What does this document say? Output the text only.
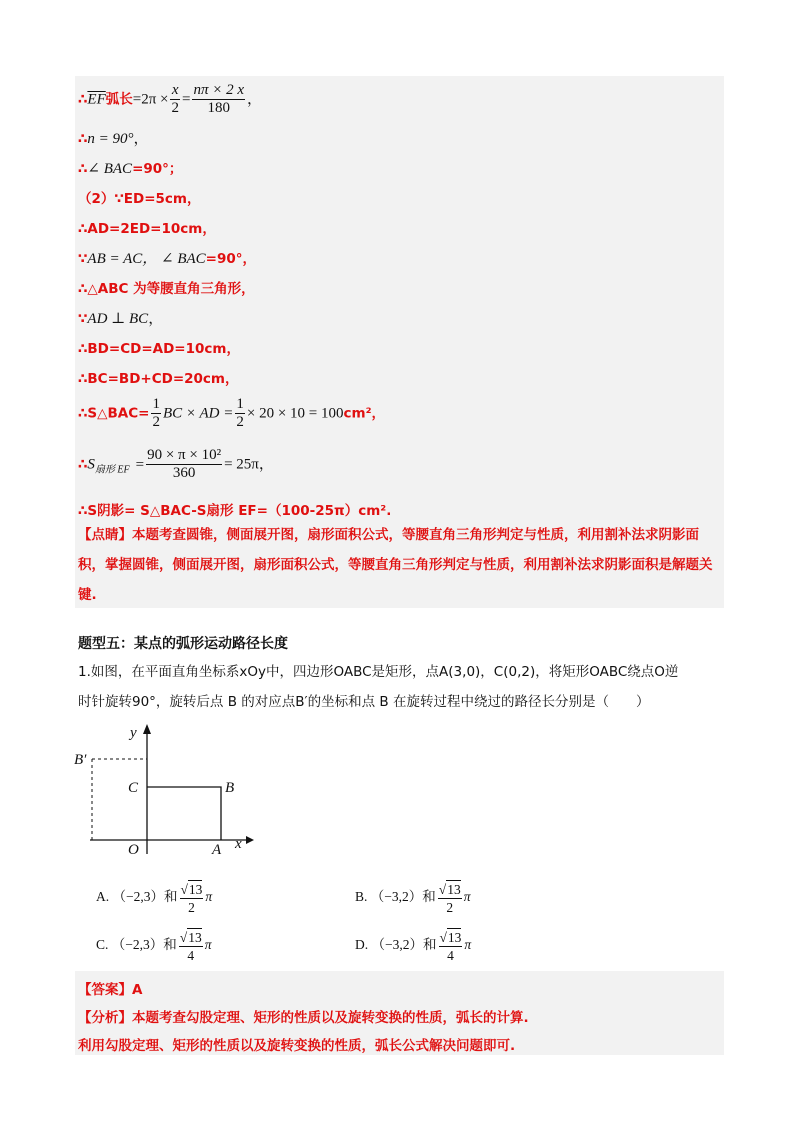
$\therefore\overline{EF}$弧长$=2\pi \times \frac{x}{2} = \frac{n\pi \times 2 x}{180}$ ，
∴n = 90°，
∴∠ BAC=90°；
（2）∵ED=5cm，
∴AD=2ED=10cm，
∵AB = AC， ∠ BAC=90°，
∴△ABC 为等腰直角三角形，
∵AD ⊥ BC，
∴BD=CD=AD=10cm，
∴BC=BD+CD=20cm，
∴S△BAC= $\frac{1}{2}$ BC × AD = $\frac{1}{2} \times 20 \times 10 = 100cm^2$，
$\therefore S_{扇形 EF} = \frac{\text{90 × π × 10²}}{360} = 25\pi$，
∴S阴影= S△BAC-S扇形 EF=（100-25π）cm².
【点睛】本题考查圆锥，侧面展开图，扇形面积公式，等腰直角三角形判定与性质，利用割补法求阴影面积，掌握圆锥，侧面展开图，扇形面积公式，等腰直角三角形判定与性质，利用割补法求阴影面积是解题关键.
题型五：某点的弧形运动路径长度
1.如图，在平面直角坐标系xOy中，四边形OABC是矩形，点A(3,0)，C(0,2)，将矩形OABC绕点O逆
时针旋转90°，旋转后点 B 的对应点B′的坐标和点 B 在旋转过程中绕过的路径长分别是（　　）
y
x
B′
C	B
O	A
A. （−2,3）和 $\frac{√13}{2}$ π	B. （−3,2）和 $\frac{√13}{2}$ π
C. （−2,3）和 $\frac{√13}{4}$ π	D. （−3,2）和 $\frac{√13}{4}$ π
【答案】A
【分析】本题考查勾股定理、矩形的性质以及旋转变换的性质，弧长的计算.
利用勾股定理、矩形的性质以及旋转变换的性质，弧长公式解决问题即可.
